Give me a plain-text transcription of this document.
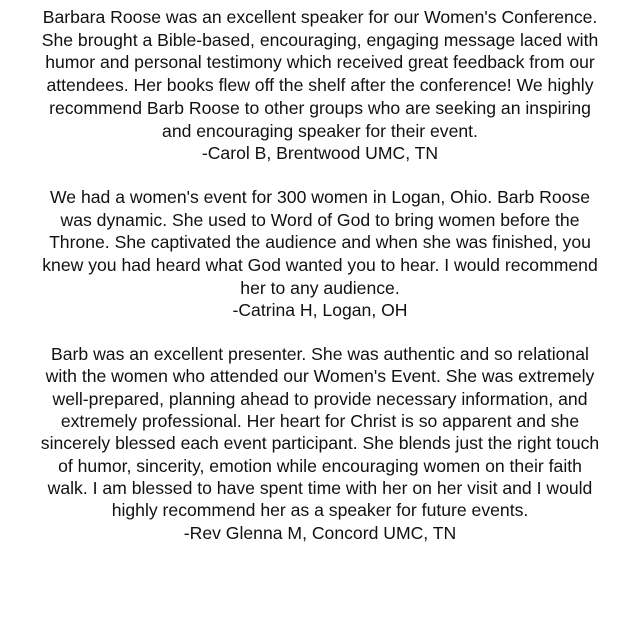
Barbara Roose was an excellent speaker for our Women's Conference.
She brought a Bible-based, encouraging, engaging message laced with
humor and personal testimony which received great feedback from our
attendees. Her books flew off the shelf after the conference! We highly
recommend Barb Roose to other groups who are seeking an inspiring
and encouraging speaker for their event.
-Carol B, Brentwood UMC, TN
We had a women's event for 300 women in Logan, Ohio. Barb Roose
was dynamic. She used to Word of God to bring women before the
Throne. She captivated the audience and when she was finished, you
knew you had heard what God wanted you to hear. I would recommend
her to any audience.
-Catrina H, Logan, OH
Barb was an excellent presenter. She was authentic and so relational
with the women who attended our Women's Event. She was extremely
well-prepared, planning ahead to provide necessary information, and
extremely professional. Her heart for Christ is so apparent and she
sincerely blessed each event participant. She blends just the right touch
of humor, sincerity, emotion while encouraging women on their faith
walk. I am blessed to have spent time with her on her visit and I would
highly recommend her as a speaker for future events.
-Rev Glenna M, Concord UMC, TN
